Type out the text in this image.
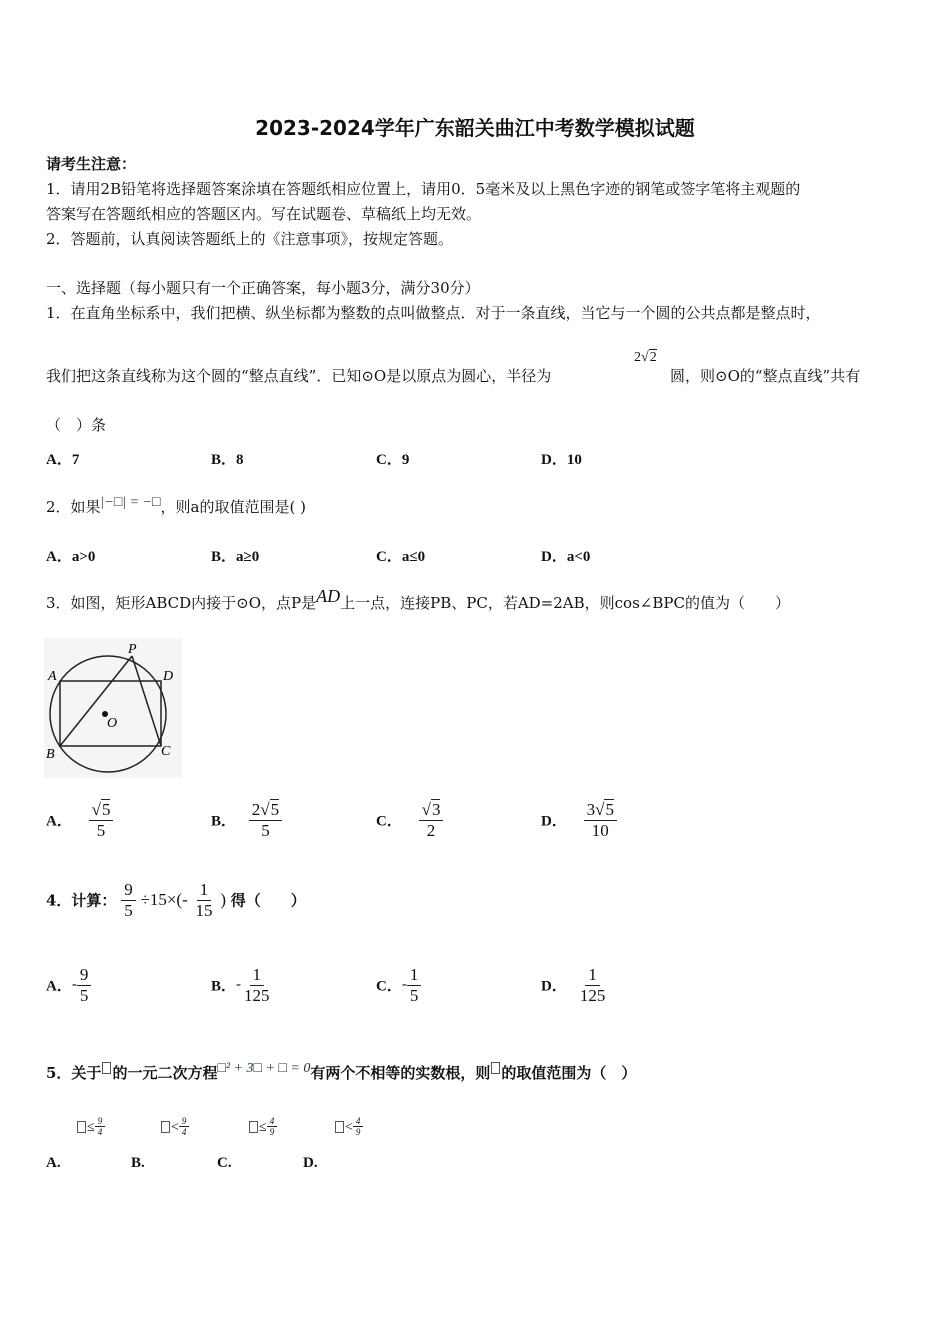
2023-2024学年广东韶关曲江中考数学模拟试题
请考生注意：
1．请用2B铅笔将选择题答案涂填在答题纸相应位置上，请用0．5毫米及以上黑色字迹的钢笔或签字笔将主观题的
答案写在答题纸相应的答题区内。写在试题卷、草稿纸上均无效。
2．答题前，认真阅读答题纸上的《注意事项》，按规定答题。
一、选择题（每小题只有一个正确答案，每小题3分，满分30分）
1．在直角坐标系中，我们把横、纵坐标都为整数的点叫做整点．对于一条直线，当它与一个圆的公共点都是整点时，
我们把这条直线称为这个圆的“整点直线”．已知⊙O是以原点为圆心，半径为
2√2
圆，则⊙O的“整点直线”共有
（　）条
A．7	B．8	C．9	D．10
2．如果|−□| = −□，则a的取值范围是( )
A．a>0	B．a≥0	C．a≤0	D．a<0
3．如图，矩形ABCD内接于⊙O，点P是AD上一点，连接PB、PC，若AD=2AB，则cos∠BPC的值为（　　）
A
B	C
D
P
O
A． $\frac{√5}{5}$	B． $\frac{2√5}{5}$	C． $\frac{√3}{2}$	D． $\frac{3√5}{10}$
4．计算： $\frac{9}{5} \div 15\times(- \frac{1}{15}$ ) 得（　　）
A．- $\frac{9}{5}$	B．- $\frac{1}{125}$	C．- $\frac{1}{5}$	D． $\frac{1}{125}$
5．关于 的一元二次方程□² + 3□ + □ = 0有两个不相等的实数根，则 的取值范围为（　）
≤ $\frac{9}{4}$	< $\frac{9}{4}$	≤ $\frac{4}{9}$	< $\frac{4}{9}$
A.	B.	C.	D.
